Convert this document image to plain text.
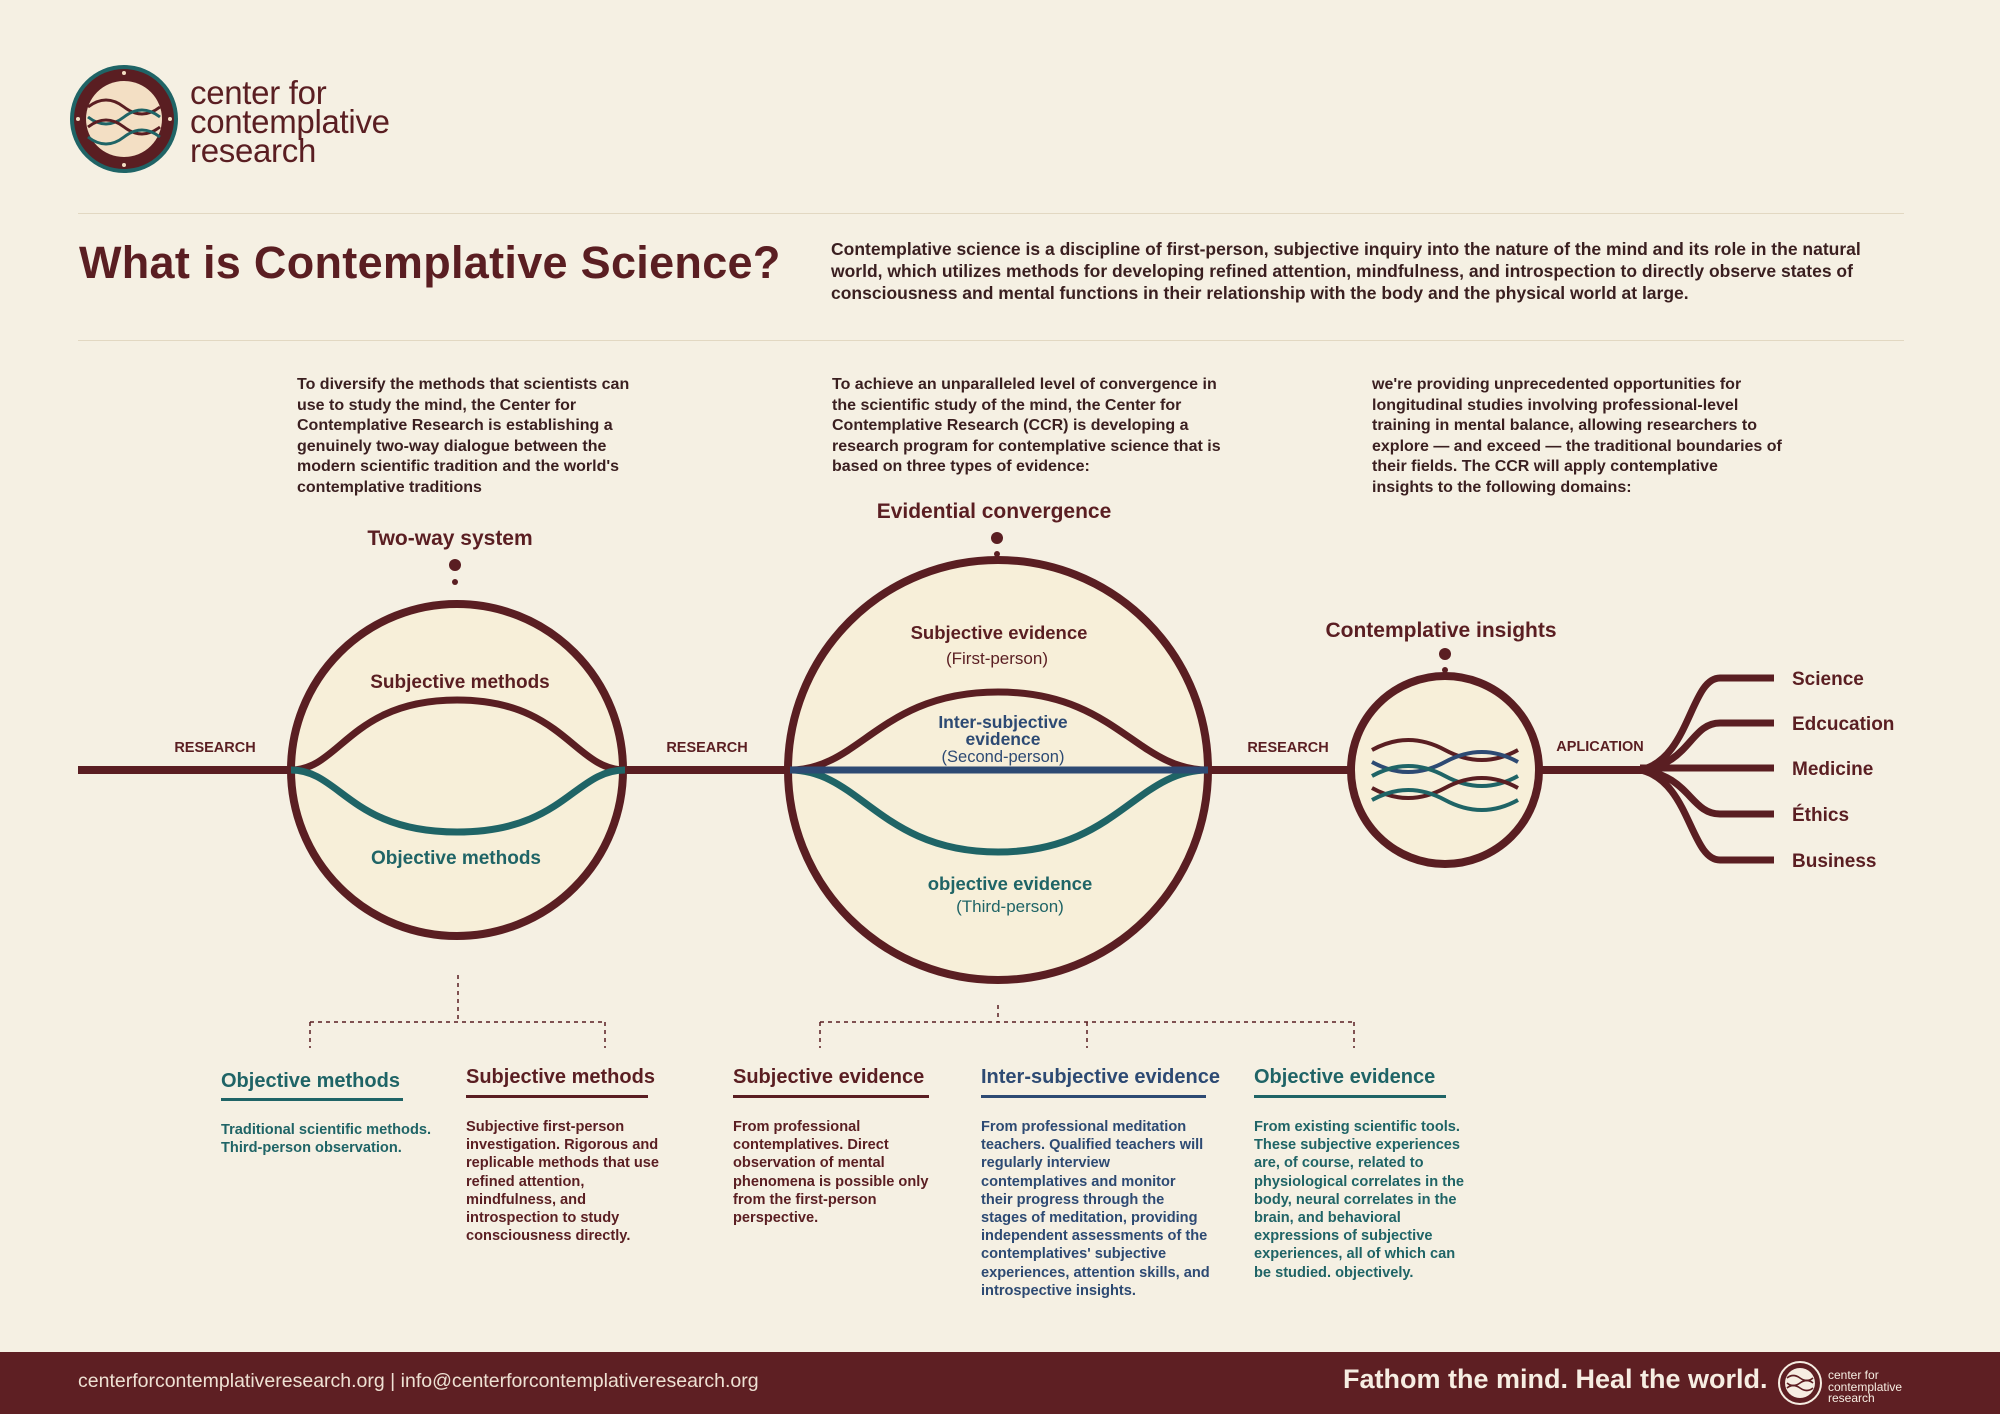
center for
contemplative
research
What is Contemplative Science?	Contemplative science is a discipline of first-person, subjective inquiry into the nature of the mind and its role in the natural world, which utilizes methods for developing refined attention, mindfulness, and introspection to directly observe states of consciousness and mental functions in their relationship with the body and the physical world at large.
To diversify the methods that scientists can use to study the mind, the Center for Contemplative Research is establishing a genuinely two-way dialogue between the modern scientific tradition and the world's contemplative traditions
To achieve an unparalleled level of convergence in the scientific study of the mind, the Center for Contemplative Research (CCR) is developing a research program for contemplative science that is based on three types of evidence:
we're providing unprecedented opportunities for longitudinal studies involving professional-level training in mental balance, allowing researchers to explore — and exceed — the traditional boundaries of their fields. The CCR will apply contemplative insights to the following domains:
Two-way system
Evidential convergence
Contemplative insights
RESEARCH	RESEARCH	RESEARCH	APLICATION
Subjective methods
Objective methods
Subjective evidence
(First-person)
Inter-subjective
evidence
(Second-person)
objective evidence
(Third-person)
Science
Edcucation
Medicine
Éthics
Business
Objective methods
Traditional scientific methods. Third-person observation.
Subjective methods
Subjective first-person investigation. Rigorous and replicable methods that use refined attention, mindfulness, and introspection to study consciousness directly.
Subjective evidence
From professional contemplatives. Direct observation of mental phenomena is possible only from the first-person perspective.
Inter-subjective evidence
From professional meditation teachers. Qualified teachers will regularly interview contemplatives and monitor their progress through the stages of meditation, providing independent assessments of the contemplatives' subjective experiences, attention skills, and introspective insights.
Objective evidence
From existing scientific tools. These subjective experiences are, of course, related to physiological correlates in the body, neural correlates in the brain, and behavioral expressions of subjective experiences, all of which can be studied. objectively.
centerforcontemplativeresearch.org | info@centerforcontemplativeresearch.org	Fathom the mind. Heal the world.	center for
contemplative
research
